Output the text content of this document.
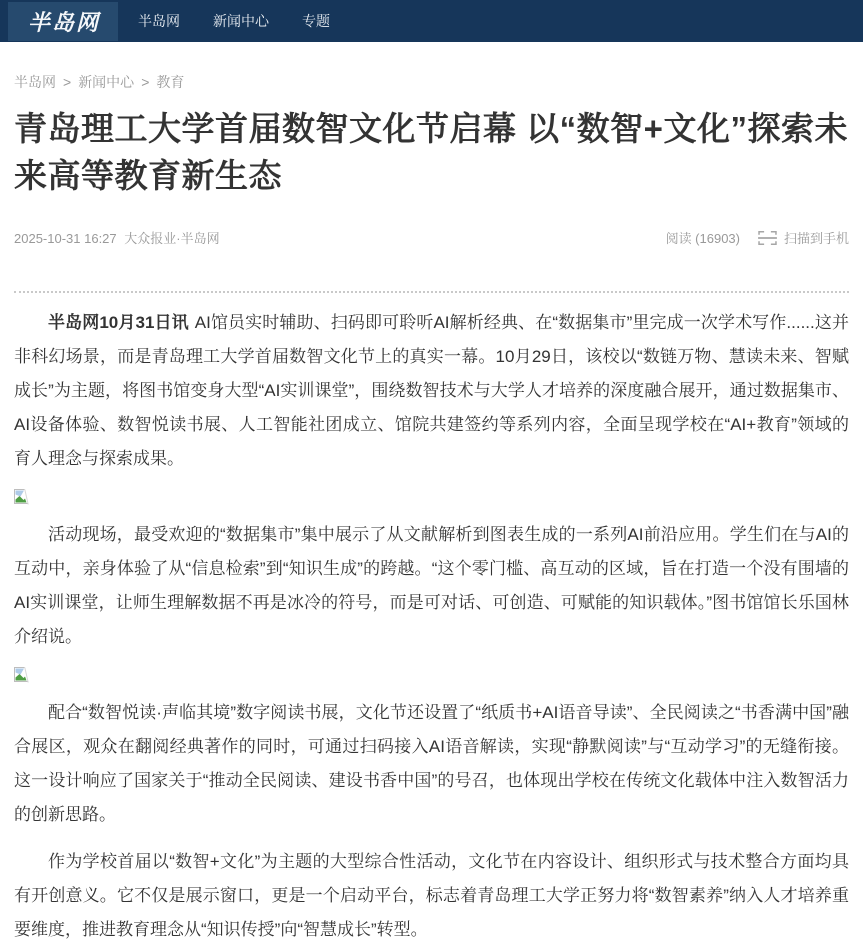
半岛网	半岛网 新闻中心 专题
半岛网 > 新闻中心 > 教育
青岛理工大学首届数智文化节启幕 以“数智+文化”探索未来高等教育新生态
2025-10-31 16:27 大众报业·半岛网	阅读 (16903)	扫描到手机

半岛网10月31日讯 AI馆员实时辅助、扫码即可聆听AI解析经典、在“数据集市”里完成一次学术写作......这并非科幻场景，而是青岛理工大学首届数智文化节上的真实一幕。10月29日，该校以“数链万物、慧读未来、智赋成长”为主题，将图书馆变身大型“AI实训课堂”，围绕数智技术与大学人才培养的深度融合展开，通过数据集市、AI设备体验、数智悦读书展、人工智能社团成立、馆院共建签约等系列内容，全面呈现学校在“AI+教育”领域的育人理念与探索成果。

活动现场，最受欢迎的“数据集市”集中展示了从文献解析到图表生成的一系列AI前沿应用。学生们在与AI的互动中，亲身体验了从“信息检索”到“知识生成”的跨越。“这个零门槛、高互动的区域，旨在打造一个没有围墙的AI实训课堂，让师生理解数据不再是冰冷的符号，而是可对话、可创造、可赋能的知识载体。”图书馆馆长乐国林介绍说。

配合“数智悦读·声临其境”数字阅读书展，文化节还设置了“纸质书+AI语音导读”、全民阅读之“书香满中国”融合展区，观众在翻阅经典著作的同时，可通过扫码接入AI语音解读，实现“静默阅读”与“互动学习”的无缝衔接。这一设计响应了国家关于“推动全民阅读、建设书香中国”的号召，也体现出学校在传统文化载体中注入数智活力的创新思路。

作为学校首届以“数智+文化”为主题的大型综合性活动，文化节在内容设计、组织形式与技术整合方面均具有开创意义。它不仅是展示窗口，更是一个启动平台，标志着青岛理工大学正努力将“数智素养”纳入人才培养重要维度，推进教育理念从“知识传授”向“智慧成长”转型。
